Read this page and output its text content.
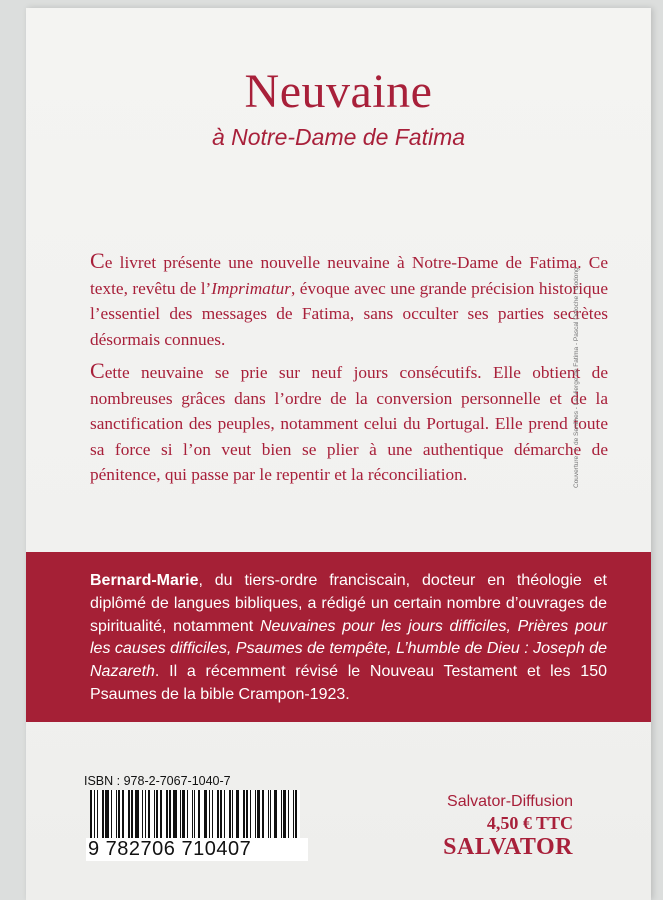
Neuvaine
à Notre-Dame de Fatima
Ce livret présente une nouvelle neuvaine à Notre-Dame de Fatima. Ce texte, revêtu de l’Imprimatur, évoque avec une grande précision historique l’essentiel des messages de Fatima, sans occulter ses parties secrètes désormais connues.
Cette neuvaine se prie sur neuf jours consécutifs. Elle obtient de nombreuses grâces dans l’ordre de la conversion personnelle et de la sanctification des peuples, notamment celui du Portugal. Elle prend toute sa force si l’on veut bien se plier à une authentique démarche de pénitence, qui passe par le repentir et la réconciliation.	Couverture : I. de Senilhes - La Vierge de Fatima - Pascal Deloche / Godong
Bernard-Marie, du tiers-ordre franciscain, docteur en théologie et diplômé de langues bibliques, a rédigé un certain nombre d’ouvrages de spiritualité, notamment Neuvaines pour les jours difficiles, Prières pour les causes difficiles, Psaumes de tempête, L’humble de Dieu : Joseph de Nazareth. Il a récemment révisé le Nouveau Testament et les 150 Psaumes de la bible Crampon-1923.
ISBN : 978-2-7067-1040-7
9 782706 710407
Salvator-Diffusion
4,50 € TTC
SALVATOR
